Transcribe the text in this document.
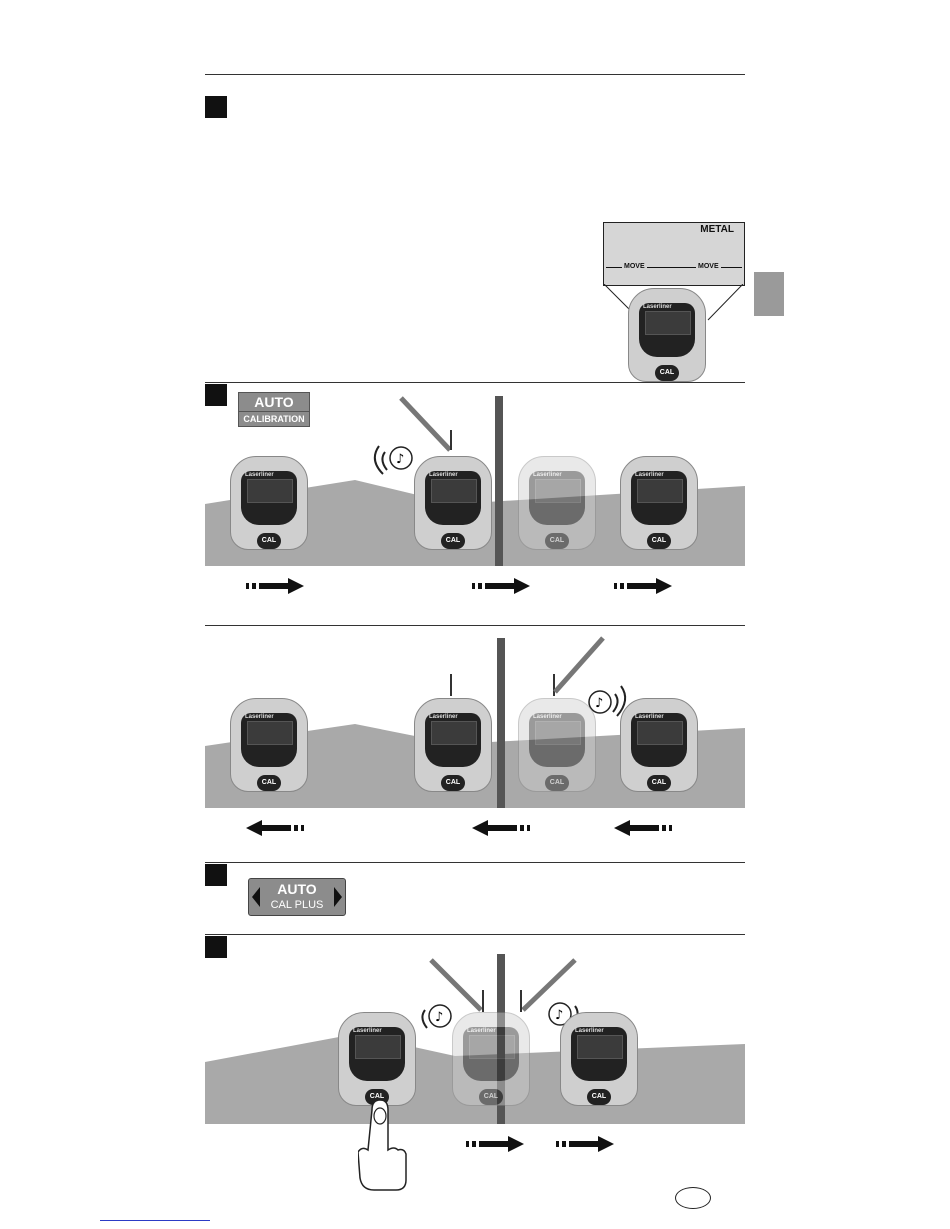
METAL
MOVE	MOVE
Laserliner
CAL
AUTO
CALIBRATION
♪
Laserliner
CAL
Laserliner
CAL
Laserliner
CAL
Laserliner
CAL
♪
Laserliner
CAL
Laserliner
CAL
Laserliner
CAL
Laserliner
CAL
AUTO
CAL PLUS
♪	♪
Laserliner
CAL
Laserliner
CAL
Laserliner
CAL
